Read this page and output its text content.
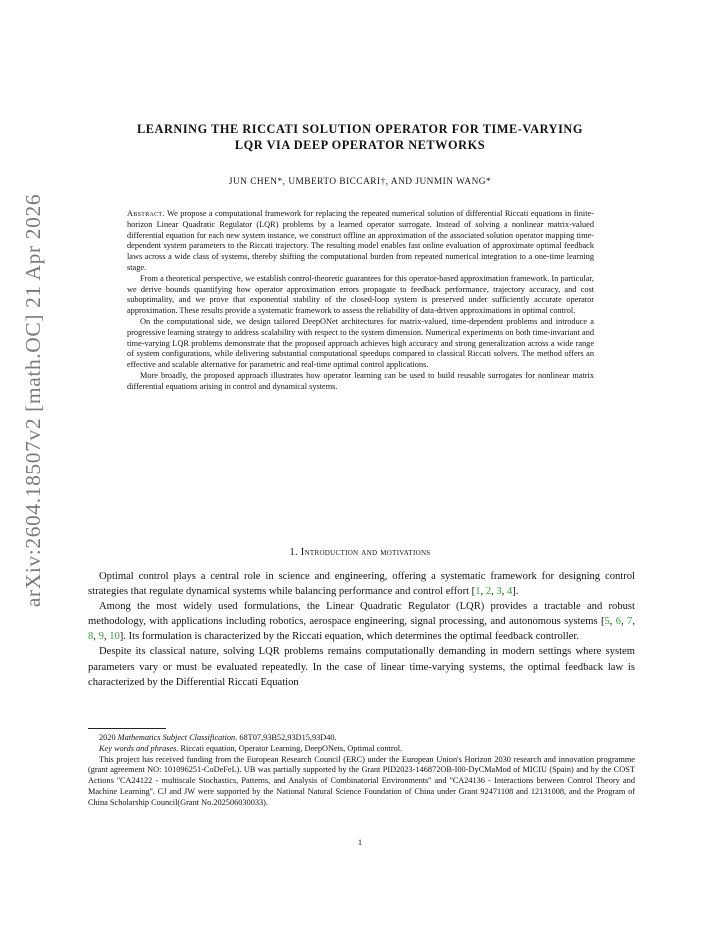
arXiv:2604.18507v2 [math.OC] 21 Apr 2026
LEARNING THE RICCATI SOLUTION OPERATOR FOR TIME-VARYING
LQR VIA DEEP OPERATOR NETWORKS
JUN CHEN*, UMBERTO BICCARI†, AND JUNMIN WANG*

Abstract. We propose a computational framework for replacing the repeated numerical solution of differential Riccati equations in finite-horizon Linear Quadratic Regulator (LQR) problems by a learned operator surrogate. Instead of solving a nonlinear matrix-valued differential equation for each new system instance, we construct offline an approximation of the associated solution operator mapping time-dependent system parameters to the Riccati trajectory. The resulting model enables fast online evaluation of approximate optimal feedback laws across a wide class of systems, thereby shifting the computational burden from repeated numerical integration to a one-time learning stage.

From a theoretical perspective, we establish control-theoretic guarantees for this operator-based approximation framework. In particular, we derive bounds quantifying how operator approximation errors propagate to feedback performance, trajectory accuracy, and cost suboptimality, and we prove that exponential stability of the closed-loop system is preserved under sufficiently accurate operator approximation. These results provide a systematic framework to assess the reliability of data-driven approximations in optimal control.

On the computational side, we design tailored DeepONet architectures for matrix-valued, time-dependent problems and introduce a progressive learning strategy to address scalability with respect to the system dimension. Numerical experiments on both time-invariant and time-varying LQR problems demonstrate that the proposed approach achieves high accuracy and strong generalization across a wide range of system configurations, while delivering substantial computational speedups compared to classical Riccati solvers. The method offers an effective and scalable alternative for parametric and real-time optimal control applications.

More broadly, the proposed approach illustrates how operator learning can be used to build reusable surrogates for nonlinear matrix differential equations arising in control and dynamical systems.

1. Introduction and motivations

Optimal control plays a central role in science and engineering, offering a systematic framework for designing control strategies that regulate dynamical systems while balancing performance and control effort [1, 2, 3, 4].

Among the most widely used formulations, the Linear Quadratic Regulator (LQR) provides a tractable and robust methodology, with applications including robotics, aerospace engineering, signal processing, and autonomous systems [5, 6, 7, 8, 9, 10]. Its formulation is characterized by the Riccati equation, which determines the optimal feedback controller.

Despite its classical nature, solving LQR problems remains computationally demanding in modern settings where system parameters vary or must be evaluated repeatedly. In the case of linear time-varying systems, the optimal feedback law is characterized by the Differential Riccati Equation

2020 Mathematics Subject Classification. 68T07,93B52,93D15,93D40.

Key words and phrases. Riccati equation, Operator Learning, DeepONets, Optimal control.

This project has received funding from the European Research Council (ERC) under the European Union's Horizon 2030 research and innovation programme (grant agreement NO: 101096251-CoDeFeL). UB was partially supported by the Grant PID2023-146872OB-I00-DyCMaMod of MICIU (Spain) and by the COST Actions ''CA24122 - multiscale Stochastics, Patterns, and Analysis of Combinatorial Environments'' and ''CA24136 - Interactions between Control Theory and Machine Learning''. CJ and JW were supported by the National Natural Science Foundation of China under Grant 92471108 and 12131008, and the Program of China Scholarship Council(Grant No.202506030033).

1
